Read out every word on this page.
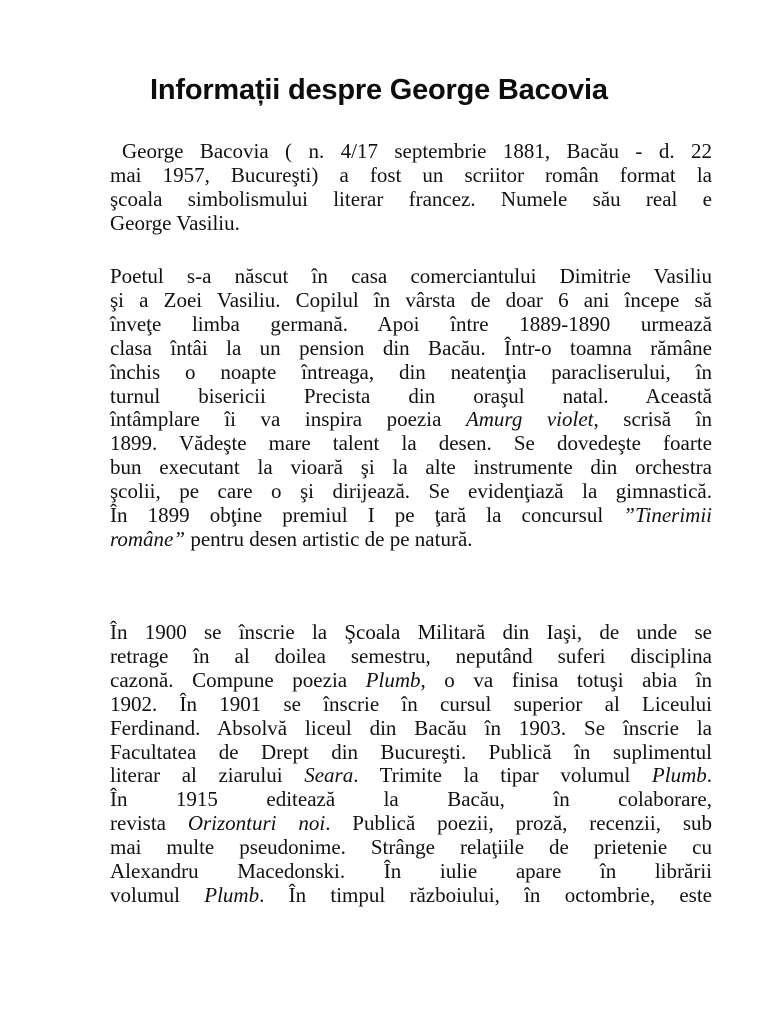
Informații despre George Bacovia
George Bacovia ( n. 4/17 septembrie 1881, Bacău - d. 22
mai 1957, Bucureşti) a fost un scriitor român format la
şcoala simbolismului literar francez. Numele său real e
George Vasiliu.
Poetul s-a născut în casa comerciantului Dimitrie Vasiliu
şi a Zoei Vasiliu. Copilul în vârsta de doar 6 ani începe să
înveţe limba germană. Apoi între 1889-1890 urmează
clasa întâi la un pension din Bacău. Într-o toamna rămâne
închis o noapte întreaga, din neatenţia paracliserului, în
turnul bisericii Precista din oraşul natal. Această
întâmplare îi va inspira poezia Amurg violet, scrisă în
1899. Vădeşte mare talent la desen. Se dovedeşte foarte
bun executant la vioară şi la alte instrumente din orchestra
şcolii, pe care o şi dirijează. Se evidenţiază la gimnastică.
În 1899 obţine premiul I pe ţară la concursul ”Tinerimii
române” pentru desen artistic de pe natură.
În 1900 se înscrie la Şcoala Militară din Iaşi, de unde se
retrage în al doilea semestru, neputând suferi disciplina
cazonă. Compune poezia Plumb, o va finisa totuşi abia în
1902. În 1901 se înscrie în cursul superior al Liceului
Ferdinand. Absolvă liceul din Bacău în 1903. Se înscrie la
Facultatea de Drept din Bucureşti. Publică în suplimentul
literar al ziarului Seara. Trimite la tipar volumul Plumb.
În 1915 editează la Bacău, în colaborare,
revista Orizonturi noi. Publică poezii, proză, recenzii, sub
mai multe pseudonime. Strânge relaţiile de prietenie cu
Alexandru Macedonski. În iulie apare în librării
volumul Plumb. În timpul războiului, în octombrie, este
